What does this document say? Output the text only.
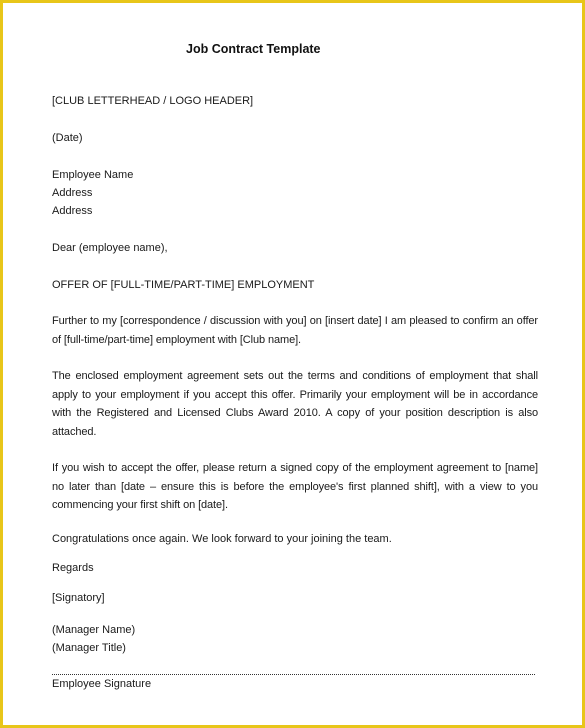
Job Contract Template
[CLUB LETTERHEAD / LOGO HEADER]
(Date)
Employee Name
Address
Address
Dear (employee name),
OFFER OF [FULL-TIME/PART-TIME] EMPLOYMENT
Further to my [correspondence / discussion with you] on [insert date] I am pleased to confirm an offer of [full-time/part-time] employment with [Club name].
The enclosed employment agreement sets out the terms and conditions of employment that shall apply to your employment if you accept this offer. Primarily your employment will be in accordance with the Registered and Licensed Clubs Award 2010. A copy of your position description is also attached.
If you wish to accept the offer, please return a signed copy of the employment agreement to [name] no later than [date – ensure this is before the employee's first planned shift], with a view to you commencing your first shift on [date].
Congratulations once again. We look forward to your joining the team.
Regards
[Signatory]
(Manager Name)
(Manager Title)
Employee Signature
